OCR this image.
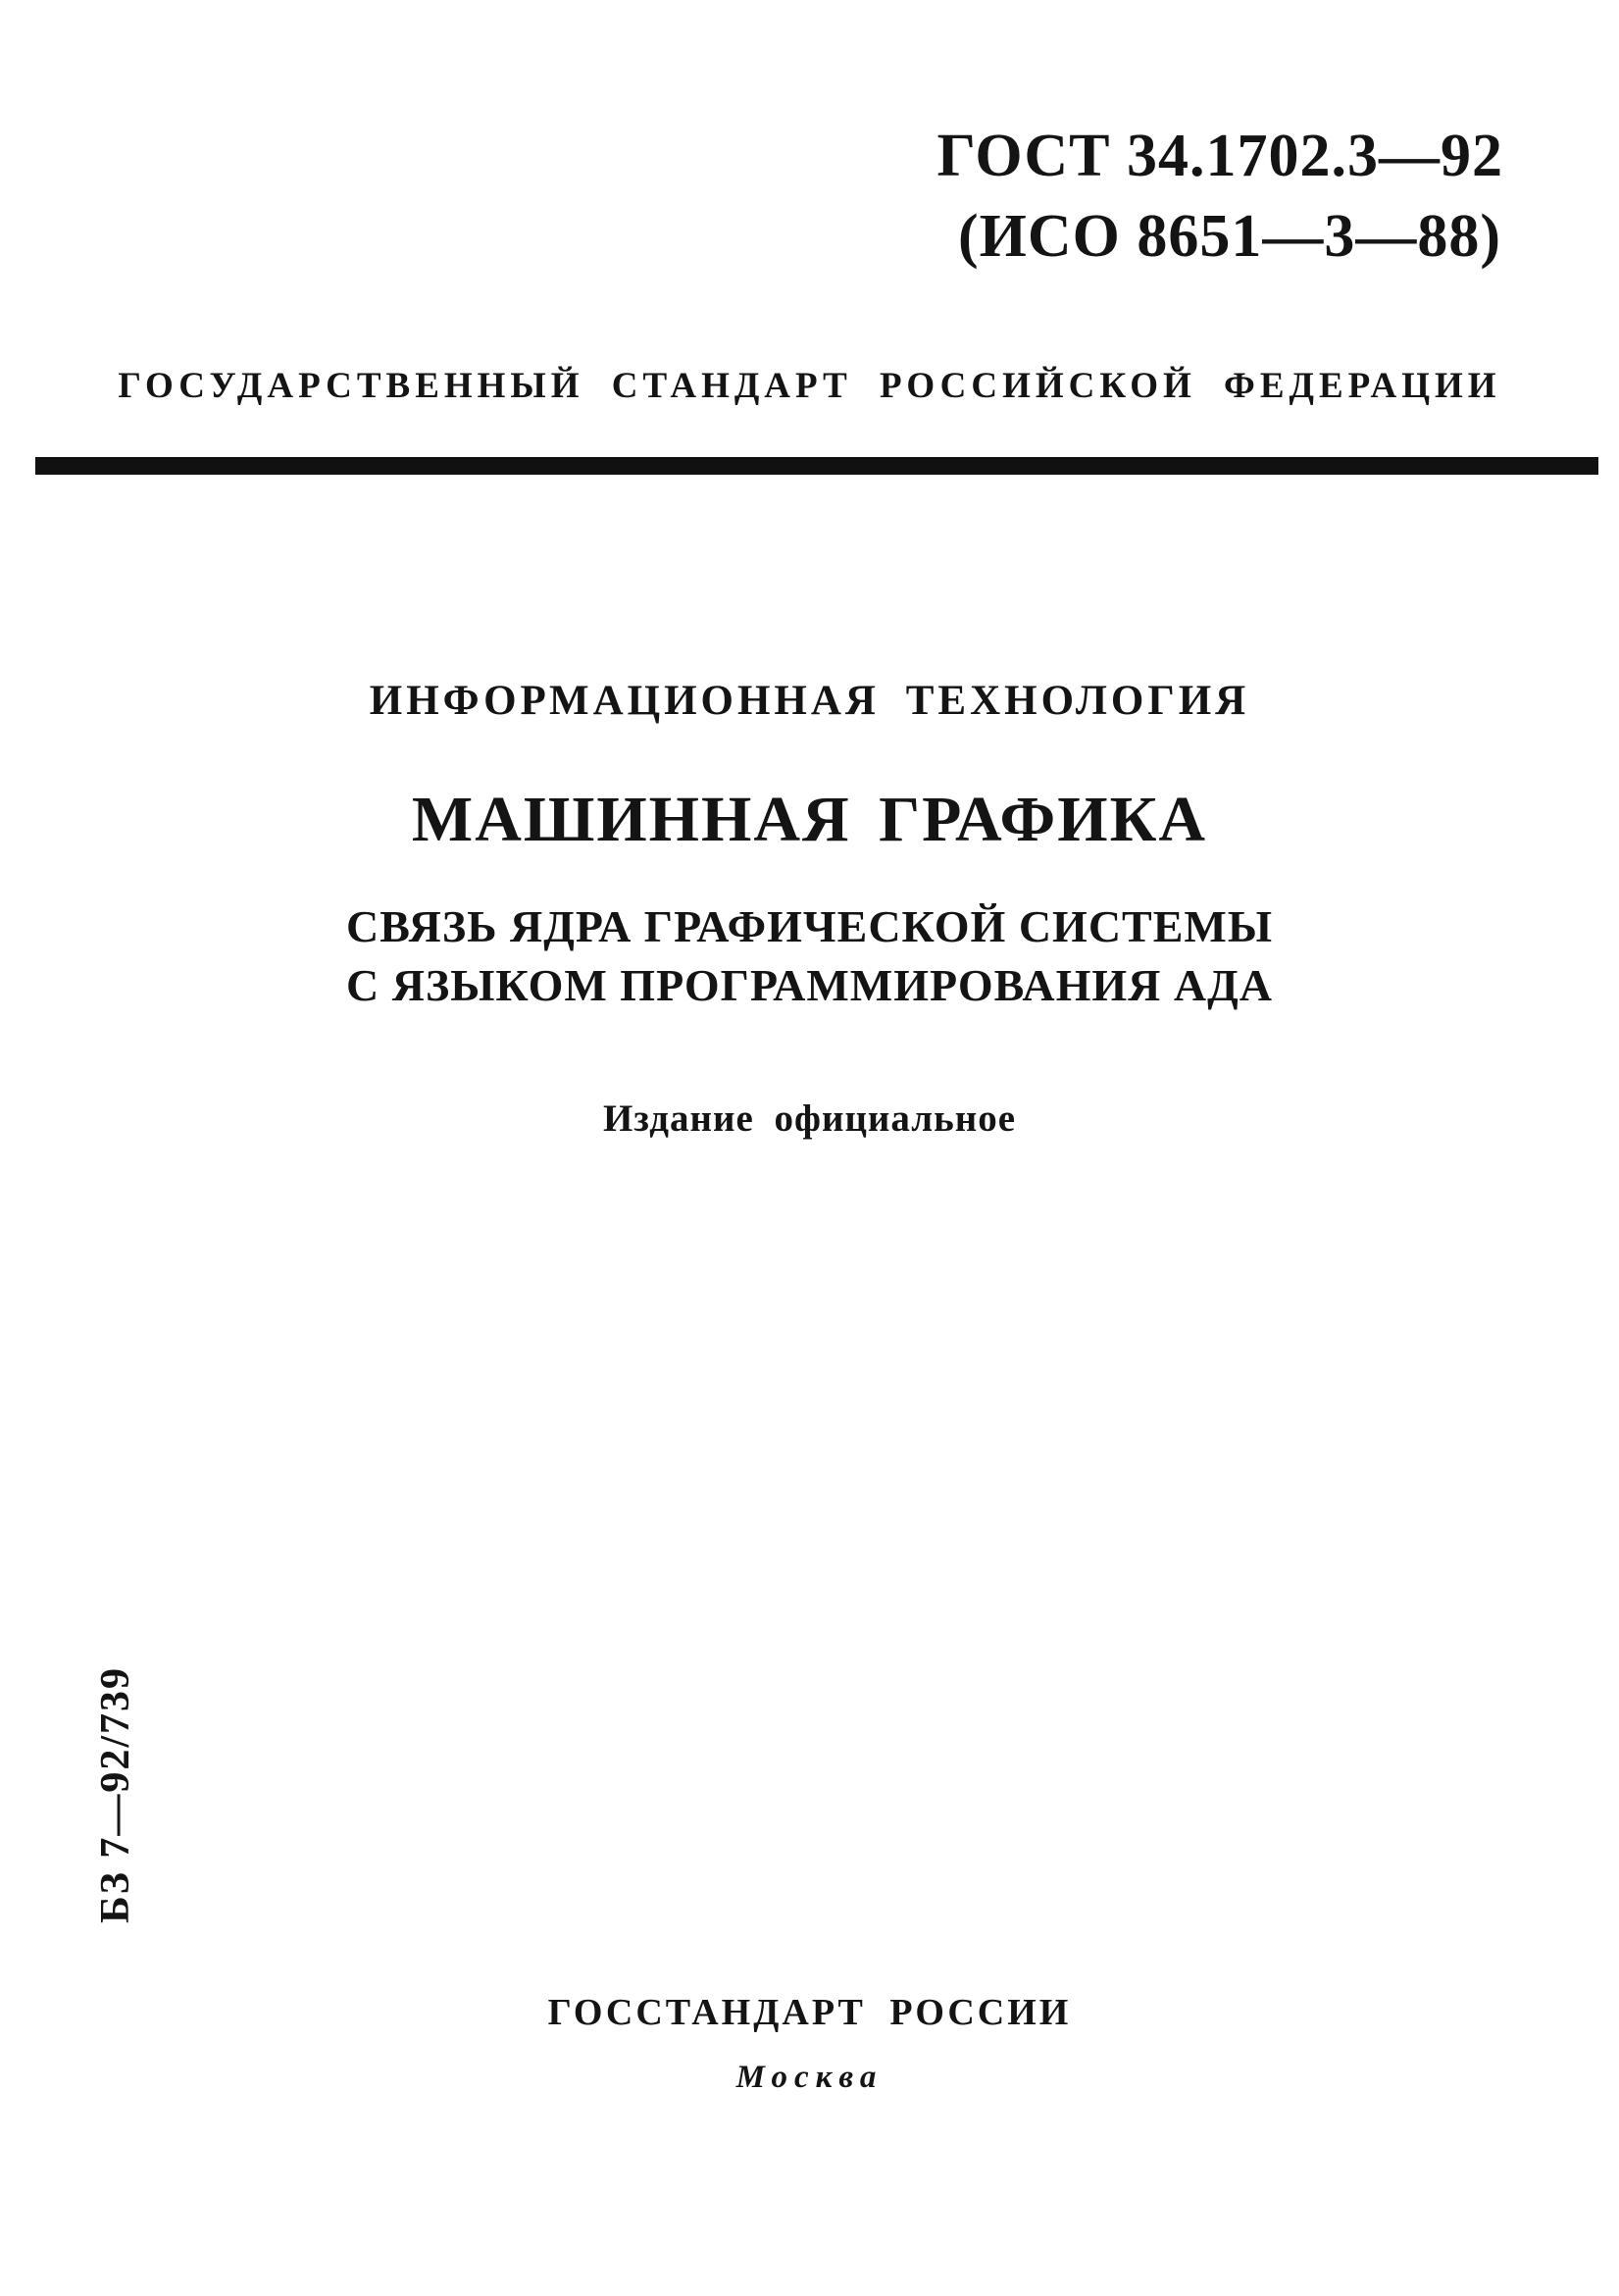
ГОСТ 34.1702.3—92
(ИСО 8651—3—88)
ГОСУДАРСТВЕННЫЙ СТАНДАРТ РОССИЙСКОЙ ФЕДЕРАЦИИ
ИНФОРМАЦИОННАЯ ТЕХНОЛОГИЯ
МАШИННАЯ ГРАФИКА
СВЯЗЬ ЯДРА ГРАФИЧЕСКОЙ СИСТЕМЫ
С ЯЗЫКОМ ПРОГРАММИРОВАНИЯ АДА
Издание официальное
БЗ 7—92/739
ГОССТАНДАРТ РОССИИ
Москва
